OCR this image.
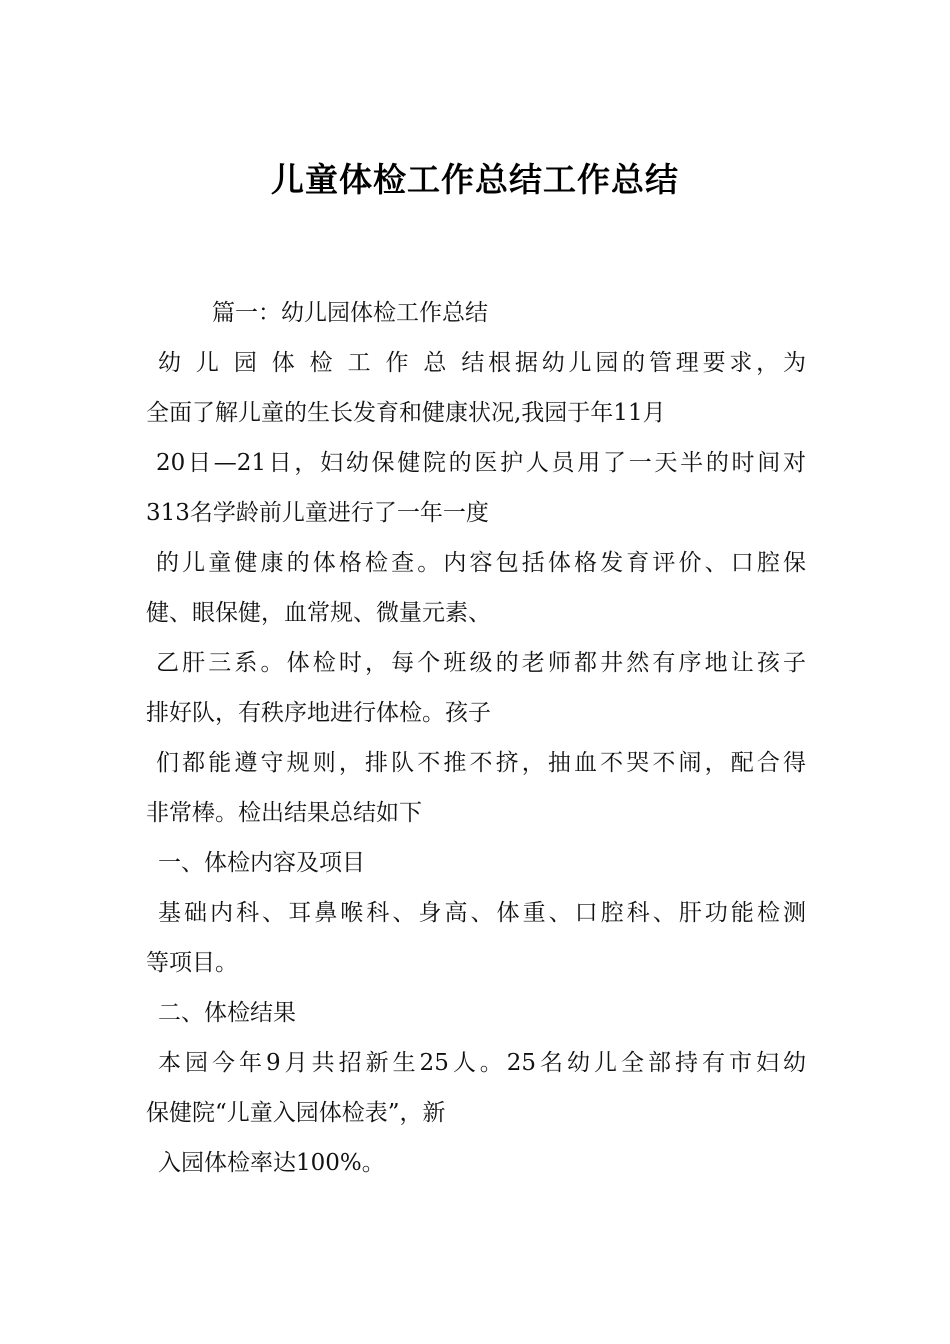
儿童体检工作总结工作总结
篇一：幼儿园体检工作总结
幼 儿 园 体 检 工 作 总 结根据幼儿园的管理要求，为
全面了解儿童的生长发育和健康状况,我园于年11月
20日—21日，妇幼保健院的医护人员用了一天半的时间对
313名学龄前儿童进行了一年一度
的儿童健康的体格检查。内容包括体格发育评价、口腔保
健、眼保健，血常规、微量元素、
乙肝三系。体检时，每个班级的老师都井然有序地让孩子
排好队，有秩序地进行体检。孩子
们都能遵守规则，排队不推不挤，抽血不哭不闹，配合得
非常棒。检出结果总结如下
一、体检内容及项目
基础内科、耳鼻喉科、身高、体重、口腔科、肝功能检测
等项目。
二、体检结果
本园今年9月共招新生25人。25名幼儿全部持有市妇幼
保健院“儿童入园体检表”，新
入园体检率达100%。
